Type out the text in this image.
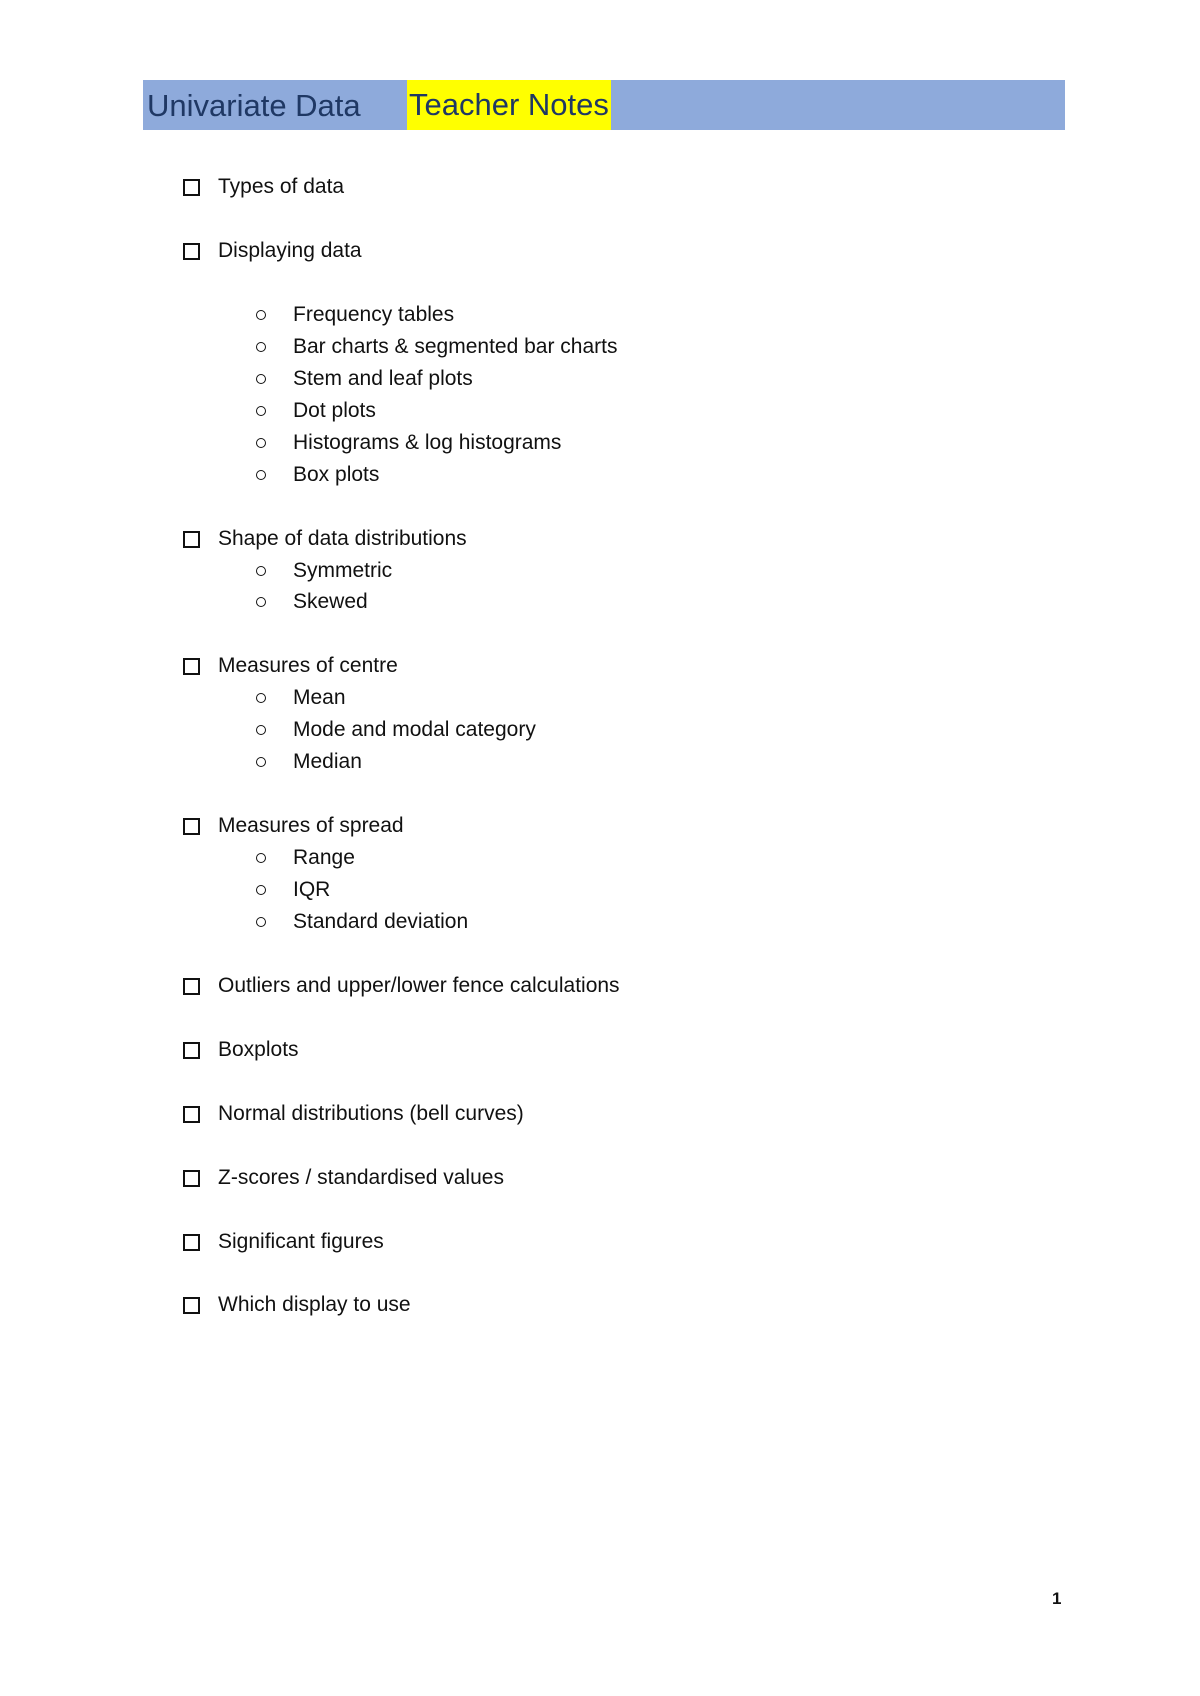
Univariate Data Teacher Notes
Types of data
Displaying data
Frequency tables
Bar charts & segmented bar charts
Stem and leaf plots
Dot plots
Histograms & log histograms
Box plots
Shape of data distributions
Symmetric
Skewed
Measures of centre
Mean
Mode and modal category
Median
Measures of spread
Range
IQR
Standard deviation
Outliers and upper/lower fence calculations
Boxplots
Normal distributions (bell curves)
Z-scores / standardised values
Significant figures
Which display to use
1
